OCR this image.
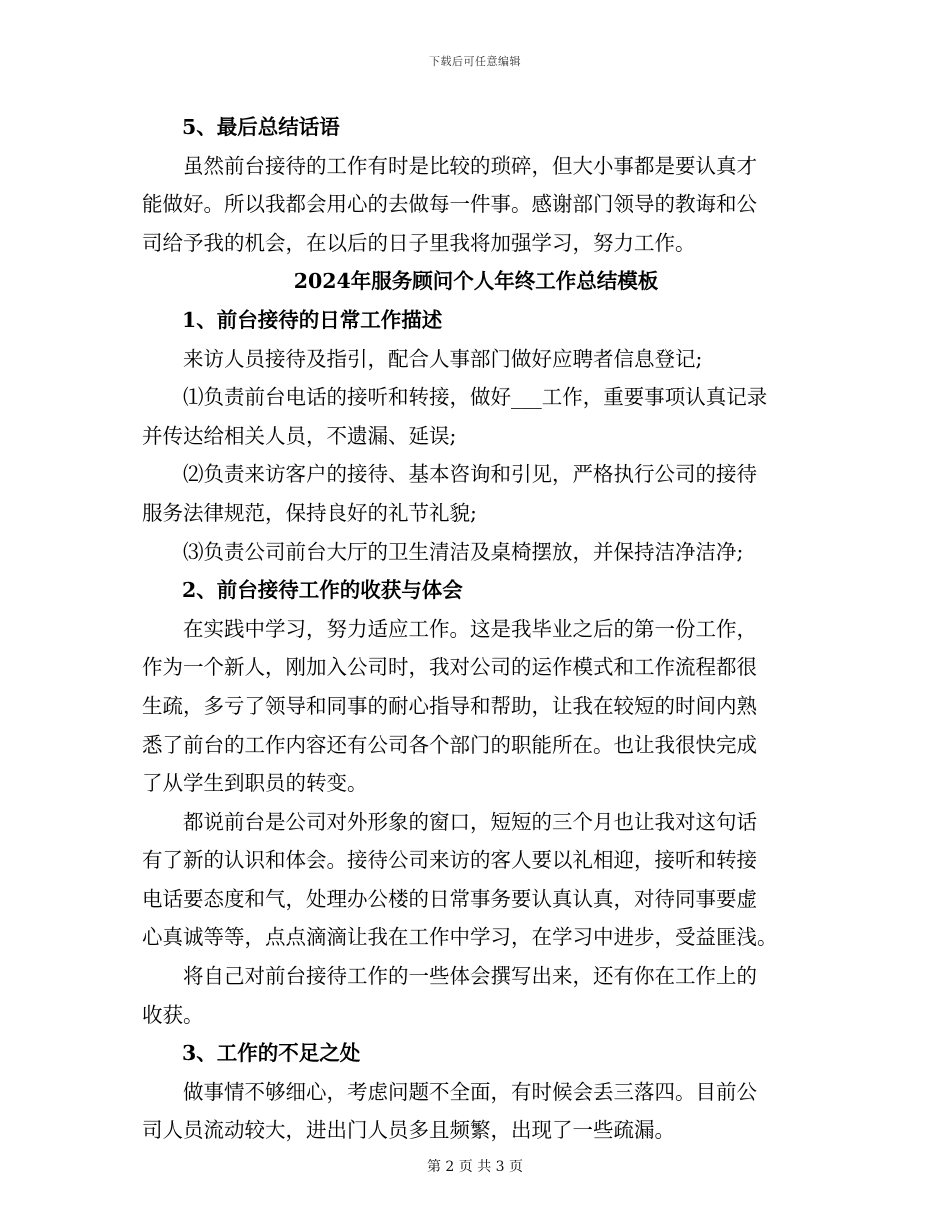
下载后可任意编辑
5、最后总结话语
虽然前台接待的工作有时是比较的琐碎，但大小事都是要认真才
能做好。所以我都会用心的去做每一件事。感谢部门领导的教诲和公
司给予我的机会，在以后的日子里我将加强学习，努力工作。
2024年服务顾问个人年终工作总结模板
1、前台接待的日常工作描述
来访人员接待及指引，配合人事部门做好应聘者信息登记;
⑴负责前台电话的接听和转接，做好___工作，重要事项认真记录
并传达给相关人员，不遗漏、延误;
⑵负责来访客户的接待、基本咨询和引见，严格执行公司的接待
服务法律规范，保持良好的礼节礼貌;
⑶负责公司前台大厅的卫生清洁及桌椅摆放，并保持洁净洁净;
2、前台接待工作的收获与体会
在实践中学习，努力适应工作。这是我毕业之后的第一份工作，
作为一个新人，刚加入公司时，我对公司的运作模式和工作流程都很
生疏，多亏了领导和同事的耐心指导和帮助，让我在较短的时间内熟
悉了前台的工作内容还有公司各个部门的职能所在。也让我很快完成
了从学生到职员的转变。
都说前台是公司对外形象的窗口，短短的三个月也让我对这句话
有了新的认识和体会。接待公司来访的客人要以礼相迎，接听和转接
电话要态度和气，处理办公楼的日常事务要认真认真，对待同事要虚
心真诚等等，点点滴滴让我在工作中学习，在学习中进步，受益匪浅。
将自己对前台接待工作的一些体会撰写出来，还有你在工作上的
收获。
3、工作的不足之处
做事情不够细心，考虑问题不全面，有时候会丢三落四。目前公
司人员流动较大，进出门人员多且频繁，出现了一些疏漏。
第 2 页 共 3 页
